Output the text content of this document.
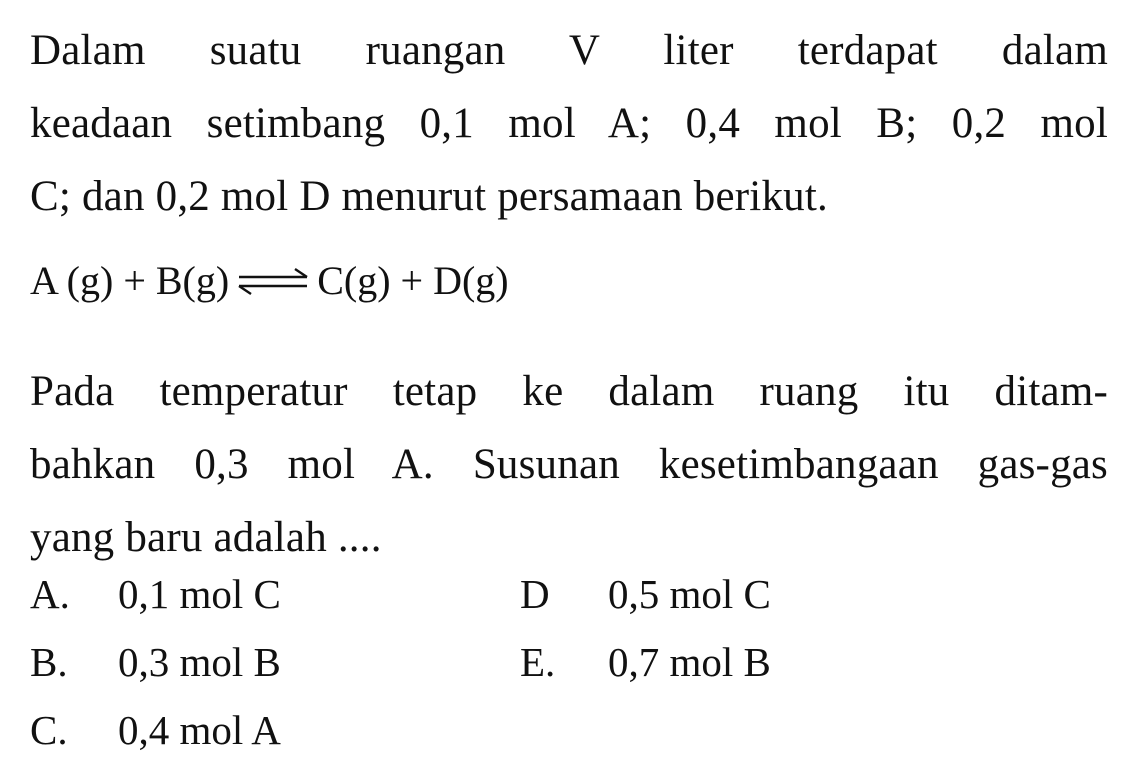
Dalam suatu ruangan V liter terdapat dalam
keadaan setimbang 0,1 mol A; 0,4 mol B; 0,2 mol
C; dan 0,2 mol D menurut persamaan berikut.

A (g) + B(g) ⇌ C(g) + D(g)

Pada temperatur tetap ke dalam ruang itu ditam-
bahkan 0,3 mol A. Susunan kesetimbangaan gas-gas
yang baru adalah ....

A. 0,1 mol C
B. 0,3 mol B
C. 0,4 mol A
D 0,5 mol C
E. 0,7 mol B
